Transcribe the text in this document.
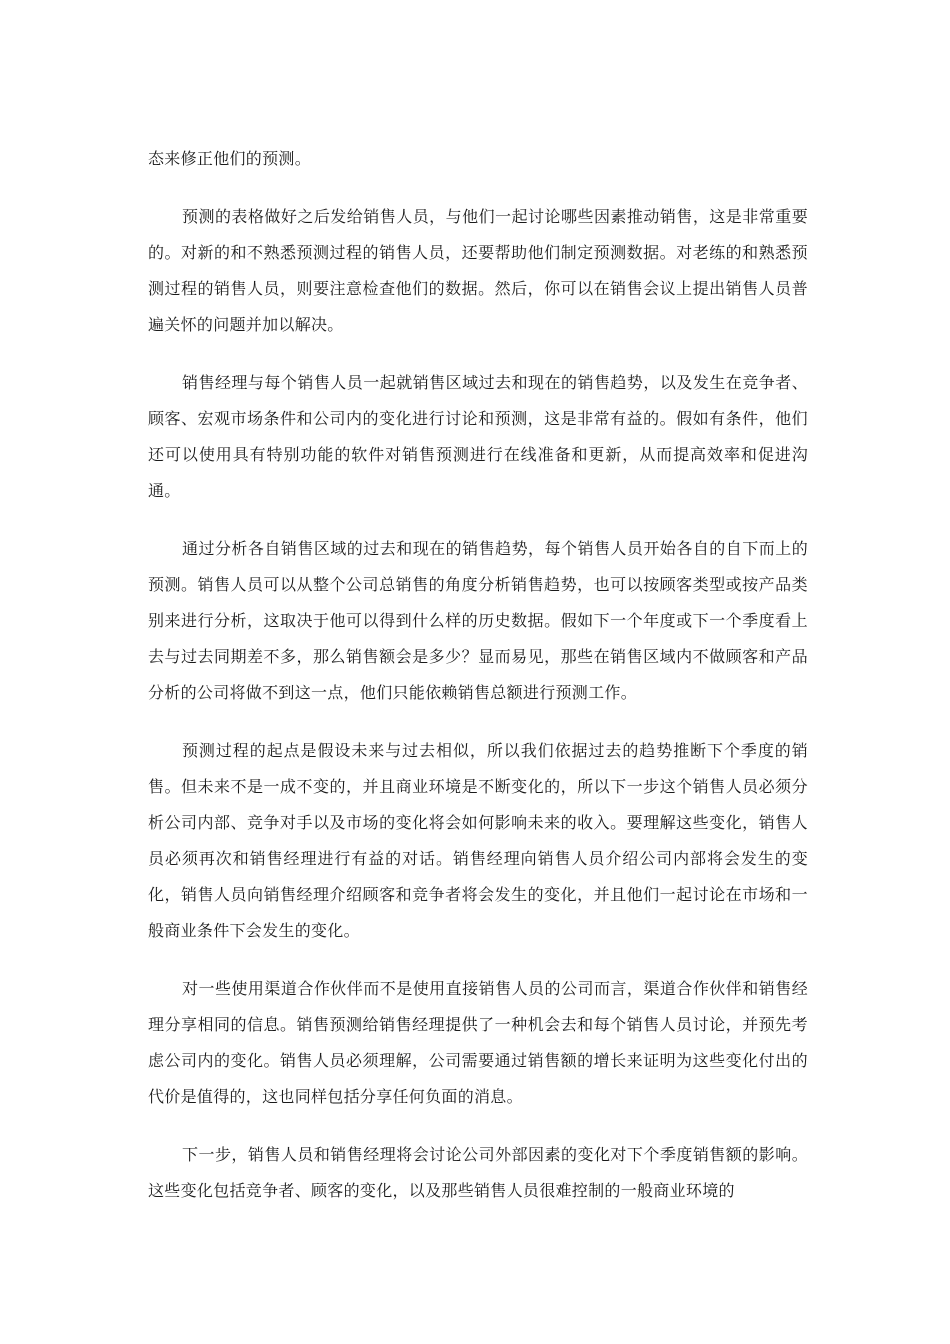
态来修正他们的预测。

预测的表格做好之后发给销售人员，与他们一起讨论哪些因素推动销售，这是非常重要的。对新的和不熟悉预测过程的销售人员，还要帮助他们制定预测数据。对老练的和熟悉预测过程的销售人员，则要注意检查他们的数据。然后，你可以在销售会议上提出销售人员普遍关怀的问题并加以解决。

销售经理与每个销售人员一起就销售区域过去和现在的销售趋势，以及发生在竞争者、顾客、宏观市场条件和公司内的变化进行讨论和预测，这是非常有益的。假如有条件，他们还可以使用具有特别功能的软件对销售预测进行在线准备和更新，从而提高效率和促进沟通。

通过分析各自销售区域的过去和现在的销售趋势，每个销售人员开始各自的自下而上的预测。销售人员可以从整个公司总销售的角度分析销售趋势，也可以按顾客类型或按产品类别来进行分析，这取决于他可以得到什么样的历史数据。假如下一个年度或下一个季度看上去与过去同期差不多，那么销售额会是多少？显而易见，那些在销售区域内不做顾客和产品分析的公司将做不到这一点，他们只能依赖销售总额进行预测工作。

预测过程的起点是假设未来与过去相似，所以我们依据过去的趋势推断下个季度的销售。但未来不是一成不变的，并且商业环境是不断变化的，所以下一步这个销售人员必须分析公司内部、竞争对手以及市场的变化将会如何影响未来的收入。要理解这些变化，销售人员必须再次和销售经理进行有益的对话。销售经理向销售人员介绍公司内部将会发生的变化，销售人员向销售经理介绍顾客和竞争者将会发生的变化，并且他们一起讨论在市场和一般商业条件下会发生的变化。

对一些使用渠道合作伙伴而不是使用直接销售人员的公司而言，渠道合作伙伴和销售经理分享相同的信息。销售预测给销售经理提供了一种机会去和每个销售人员讨论，并预先考虑公司内的变化。销售人员必须理解，公司需要通过销售额的增长来证明为这些变化付出的代价是值得的，这也同样包括分享任何负面的消息。

下一步，销售人员和销售经理将会讨论公司外部因素的变化对下个季度销售额的影响。这些变化包括竞争者、顾客的变化，以及那些销售人员很难控制的一般商业环境的
